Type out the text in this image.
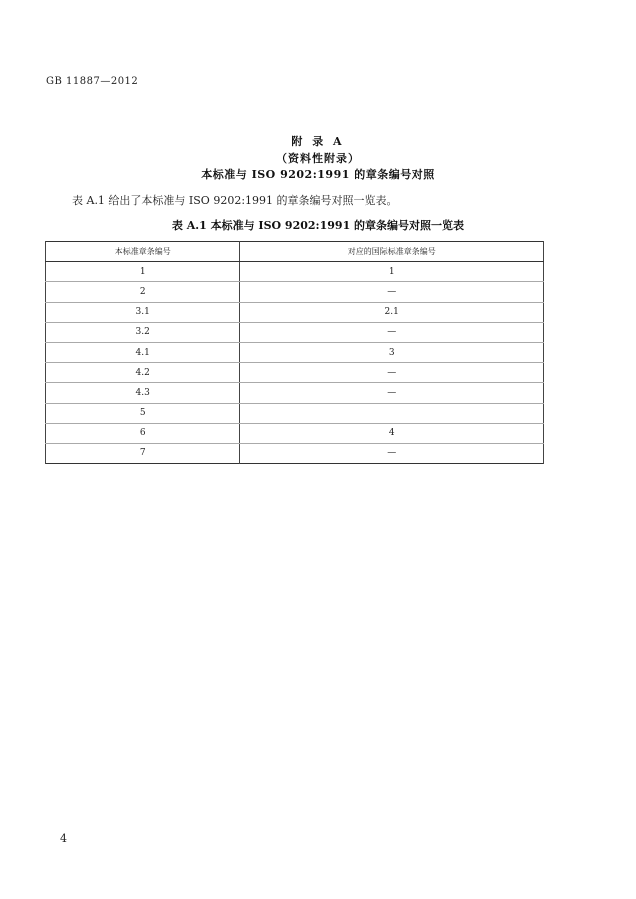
GB 11887—2012
附 录 A
（资料性附录）
本标准与 ISO 9202:1991 的章条编号对照
表 A.1 给出了本标准与 ISO 9202:1991 的章条编号对照一览表。
表 A.1 本标准与 ISO 9202:1991 的章条编号对照一览表
本标准章条编号	对应的国际标准章条编号
1	1
2	—
3.1	2.1
3.2	—
4.1	3
4.2	—
4.3	—
5	
6	4
7	—
4
